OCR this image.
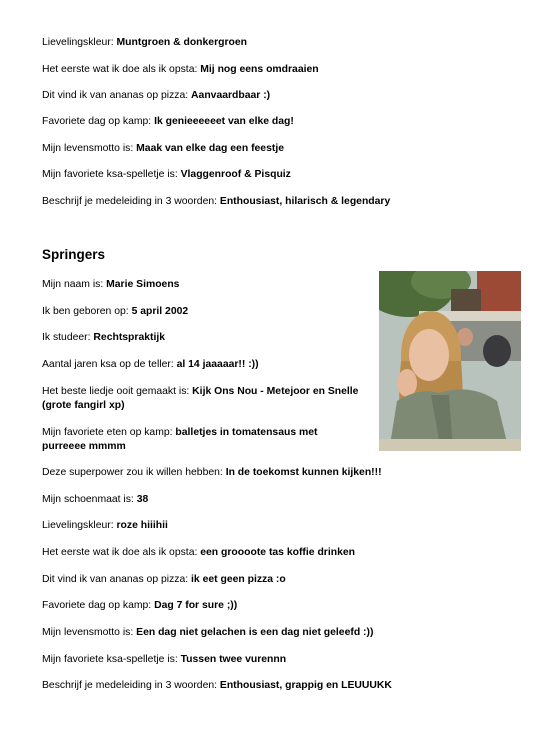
Lievelingskleur: Muntgroen & donkergroen
Het eerste wat ik doe als ik opsta: Mij nog eens omdraaien
Dit vind ik van ananas op pizza: Aanvaardbaar :)
Favoriete dag op kamp: Ik genieeeeeet van elke dag!
Mijn levensmotto is: Maak van elke dag een feestje
Mijn favoriete ksa-spelletje is: Vlaggenroof & Pisquiz
Beschrijf je medeleiding in 3 woorden: Enthousiast, hilarisch & legendary
Springers
Mijn naam is: Marie Simoens
Ik ben geboren op: 5 april 2002
Ik studeer: Rechtspraktijk
Aantal jaren ksa op de teller: al 14 jaaaaar!! :))
Het beste liedje ooit gemaakt is: Kijk Ons Nou - Metejoor en Snelle (grote fangirl xp)
Mijn favoriete eten op kamp: balletjes in tomatensaus met purreeee mmmm
Deze superpower zou ik willen hebben: In de toekomst kunnen kijken!!!
Mijn schoenmaat is: 38
Lievelingskleur: roze hiiihii
Het eerste wat ik doe als ik opsta: een groooote tas koffie drinken
Dit vind ik van ananas op pizza: ik eet geen pizza :o
Favoriete dag op kamp: Dag 7 for sure ;))
Mijn levensmotto is: Een dag niet gelachen is een dag niet geleefd :))
Mijn favoriete ksa-spelletje is: Tussen twee vurennn
Beschrijf je medeleiding in 3 woorden: Enthousiast, grappig en LEUUUKK
